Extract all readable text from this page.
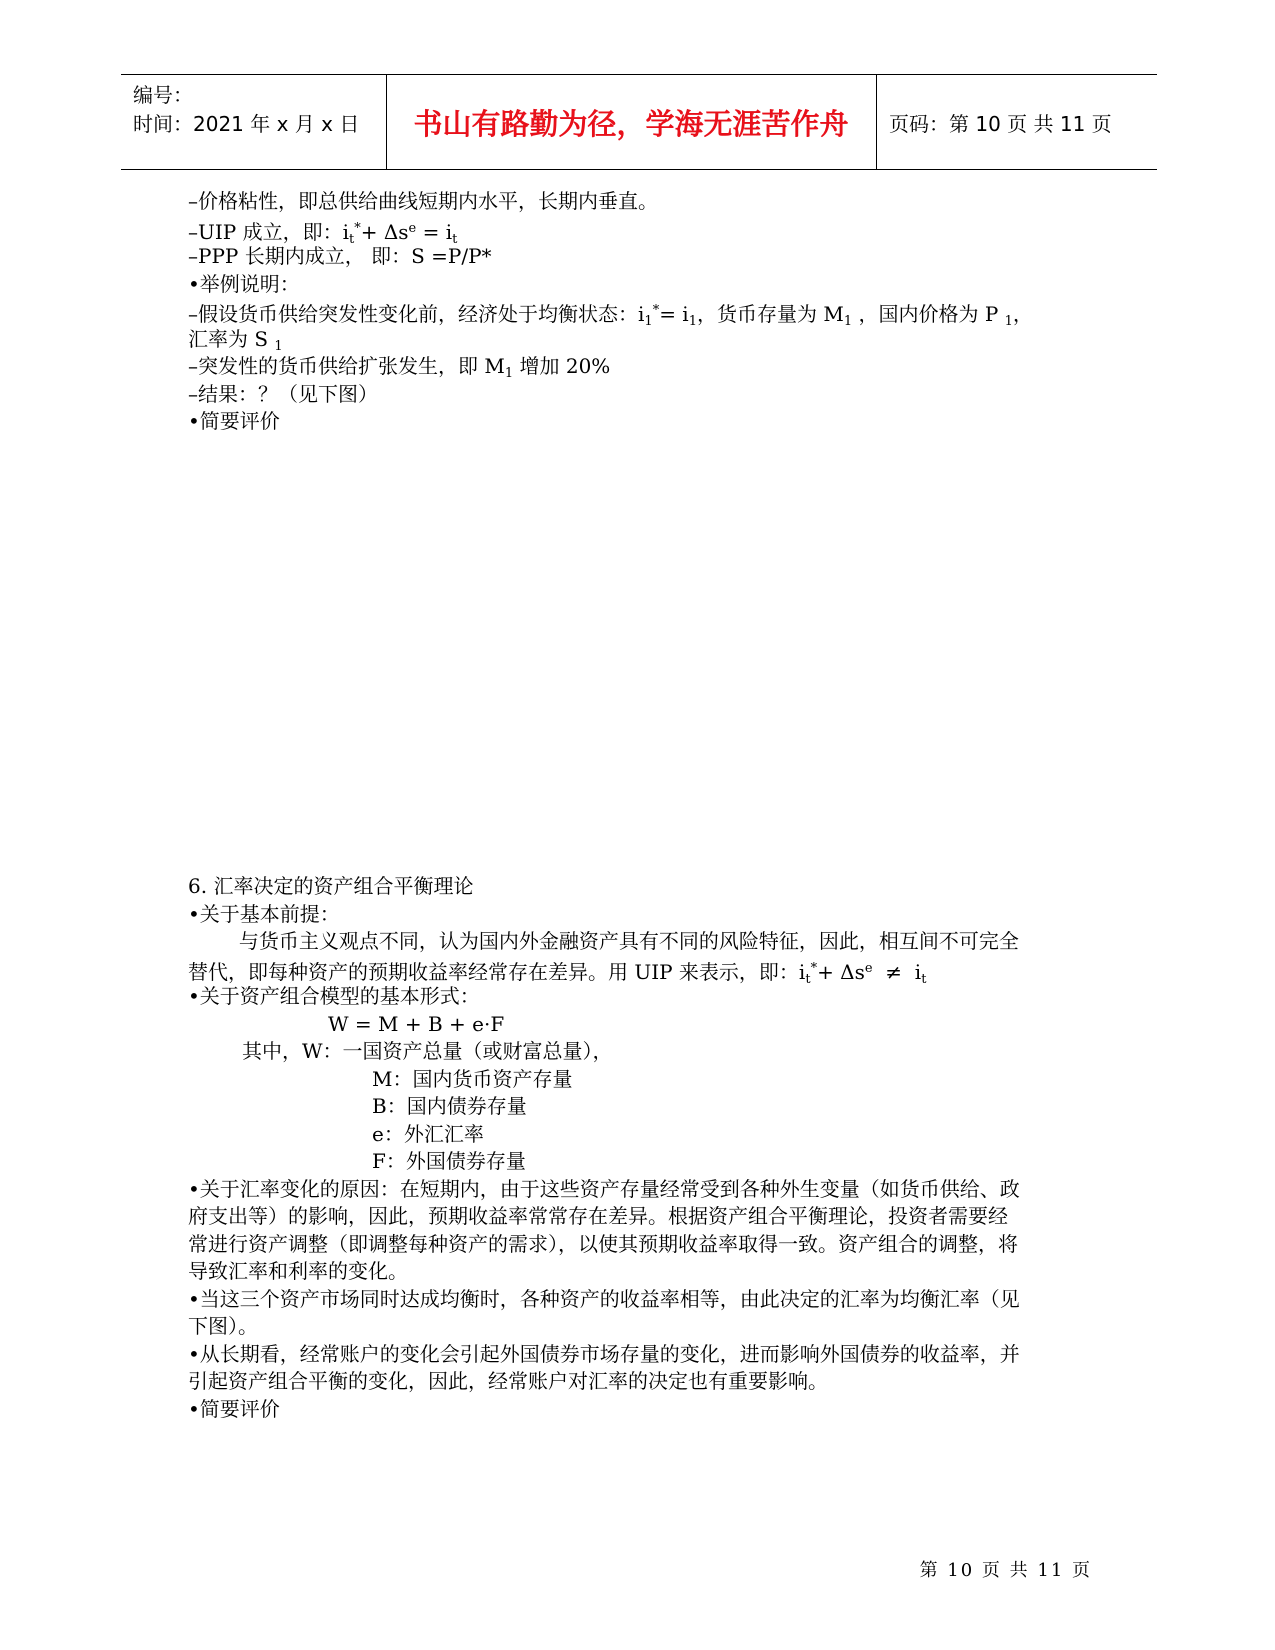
编号：
时间：2021 年 x 月 x 日	书山有路勤为径，学海无涯苦作舟	页码：第 10 页 共 11 页
–价格粘性，即总供给曲线短期内水平，长期内垂直。
–UIP 成立，即：$i_t^*+ \Delta s^e = i_t$
–PPP 长期内成立， 即：S =P/P*
•举例说明：
–假设货币供给突发性变化前，经济处于均衡状态：$i_1^*= i_1$，货币存量为 $M_1$ ，国内价格为 P $_1$，
汇率为 S $_1$
–突发性的货币供给扩张发生，即 $M_1$ 增加 20%
–结果：？（见下图）
•简要评价
6. 汇率决定的资产组合平衡理论
•关于基本前提：
与货币主义观点不同，认为国内外金融资产具有不同的风险特征，因此，相互间不可完全
替代，即每种资产的预期收益率经常存在差异。用 UIP 来表示，即：$i_t^*+ \Delta s^e \ne i_t$
•关于资产组合模型的基本形式：
W = M + B + e·F
其中，W：一国资产总量（或财富总量），
M：国内货币资产存量
B：国内债券存量
e：外汇汇率
F：外国债券存量
•关于汇率变化的原因：在短期内，由于这些资产存量经常受到各种外生变量（如货币供给、政
府支出等）的影响，因此，预期收益率常常存在差异。根据资产组合平衡理论，投资者需要经
常进行资产调整（即调整每种资产的需求），以使其预期收益率取得一致。资产组合的调整，将
导致汇率和利率的变化。
•当这三个资产市场同时达成均衡时，各种资产的收益率相等，由此决定的汇率为均衡汇率（见
下图）。
•从长期看，经常账户的变化会引起外国债券市场存量的变化，进而影响外国债券的收益率，并
引起资产组合平衡的变化，因此，经常账户对汇率的决定也有重要影响。
•简要评价
第 10 页 共 11 页
